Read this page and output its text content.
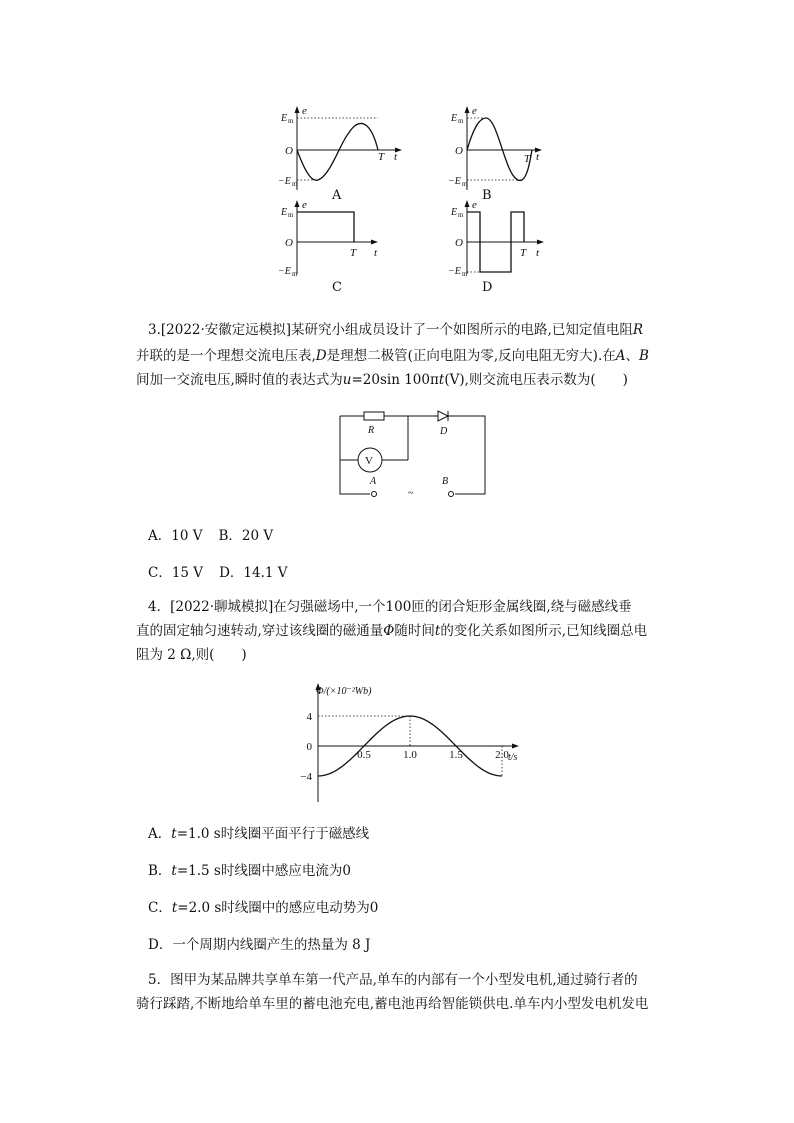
e
E m
O
−E m
T t
A
e
E m
O
−E m
T t
B
e
E m
O
−E m
T t
C
E m
O
−E m
T t
e
D
3.[2022·安徽定远模拟]某研究小组成员设计了一个如图所示的电路,已知定值电阻R
并联的是一个理想交流电压表,D是理想二极管(正向电阻为零,反向电阻无穷大).在A、B
间加一交流电压,瞬时值的表达式为u=20sin 100πt(V),则交流电压表示数为(　　)
R
V
D
A	B
~
A．10 V B．20 V
C．15 V D．14.1 V
4．[2022·聊城模拟]在匀强磁场中,一个100匝的闭合矩形金属线圈,绕与磁感线垂
直的固定轴匀速转动,穿过该线圈的磁通量Φ随时间t的变化关系如图所示,已知线圈总电
阻为 2 Ω,则(　　)
Φ/(×10⁻²Wb)
t/s
0.5	1.0	1.5	2.0
4
0
−4
A．t=1.0 s时线圈平面平行于磁感线
B．t=1.5 s时线圈中感应电流为0
C．t=2.0 s时线圈中的感应电动势为0
D．一个周期内线圈产生的热量为 8 J
5．图甲为某品牌共享单车第一代产品,单车的内部有一个小型发电机,通过骑行者的
骑行踩踏,不断地给单车里的蓄电池充电,蓄电池再给智能锁供电.单车内小型发电机发电
